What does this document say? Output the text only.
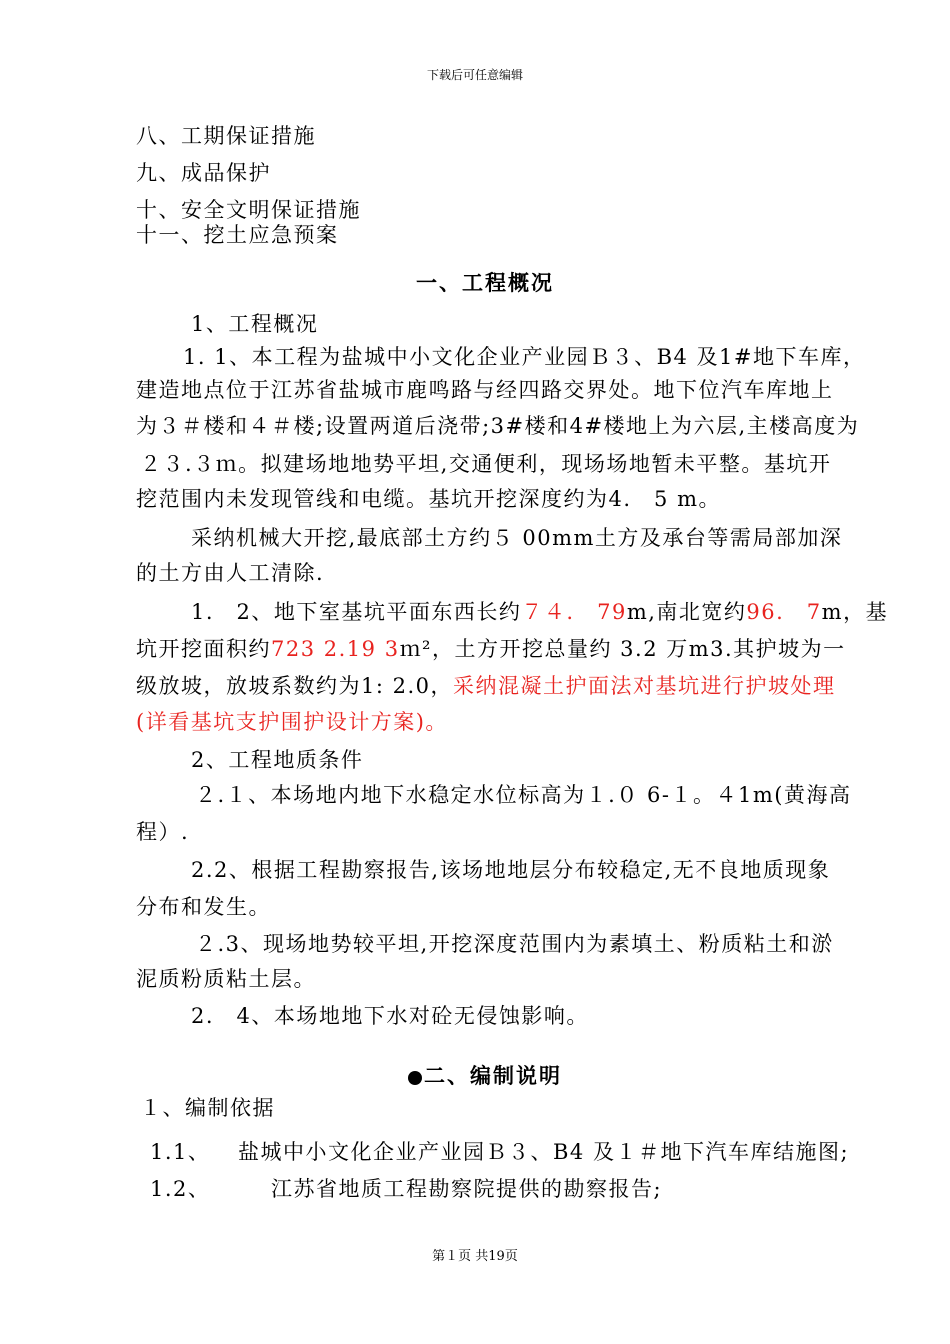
下载后可任意编辑
八、工期保证措施
九、成品保护
十、安全文明保证措施
十一、挖土应急预案
一、工程概况
1、工程概况
1. 1、本工程为盐城中小文化企业产业园Ｂ３、B4 及1#地下车库，
建造地点位于江苏省盐城市鹿鸣路与经四路交界处。地下位汽车库地上
为３＃楼和４＃楼;设置两道后浇带;3#楼和4#楼地上为六层,主楼高度为
２３.３ｍ。拟建场地地势平坦,交通便利，现场场地暂未平整。基坑开
挖范围内未发现管线和电缆。基坑开挖深度约为4.　5 m。
采纳机械大开挖,最底部土方约５ 00mm土方及承台等需局部加深
的土方由人工清除.
1.　2、地下室基坑平面东西长约７４.　79m,南北宽约96.　7m，基
坑开挖面积约723 2.19 3ｍ²，土方开挖总量约 3.2 万m3.其护坡为一
级放坡，放坡系数约为1: 2.0，采纳混凝土护面法对基坑进行护坡处理
(详看基坑支护围护设计方案)。
2、工程地质条件
２.１、本场地内地下水稳定水位标高为１.０ 6-１。４1m(黄海高
程）.
2.2、根据工程勘察报告,该场地地层分布较稳定,无不良地质现象
分布和发生。
２.3、现场地势较平坦,开挖深度范围内为素填土、粉质粘土和淤
泥质粉质粘土层。
2.　4、本场地地下水对砼无侵蚀影响。
二、编制说明
１、编制依据
1.1、 盐城中小文化企业产业园Ｂ３、B4 及１＃地下汽车库结施图;
1.2、	江苏省地质工程勘察院提供的勘察报告;
第１页 共19页
